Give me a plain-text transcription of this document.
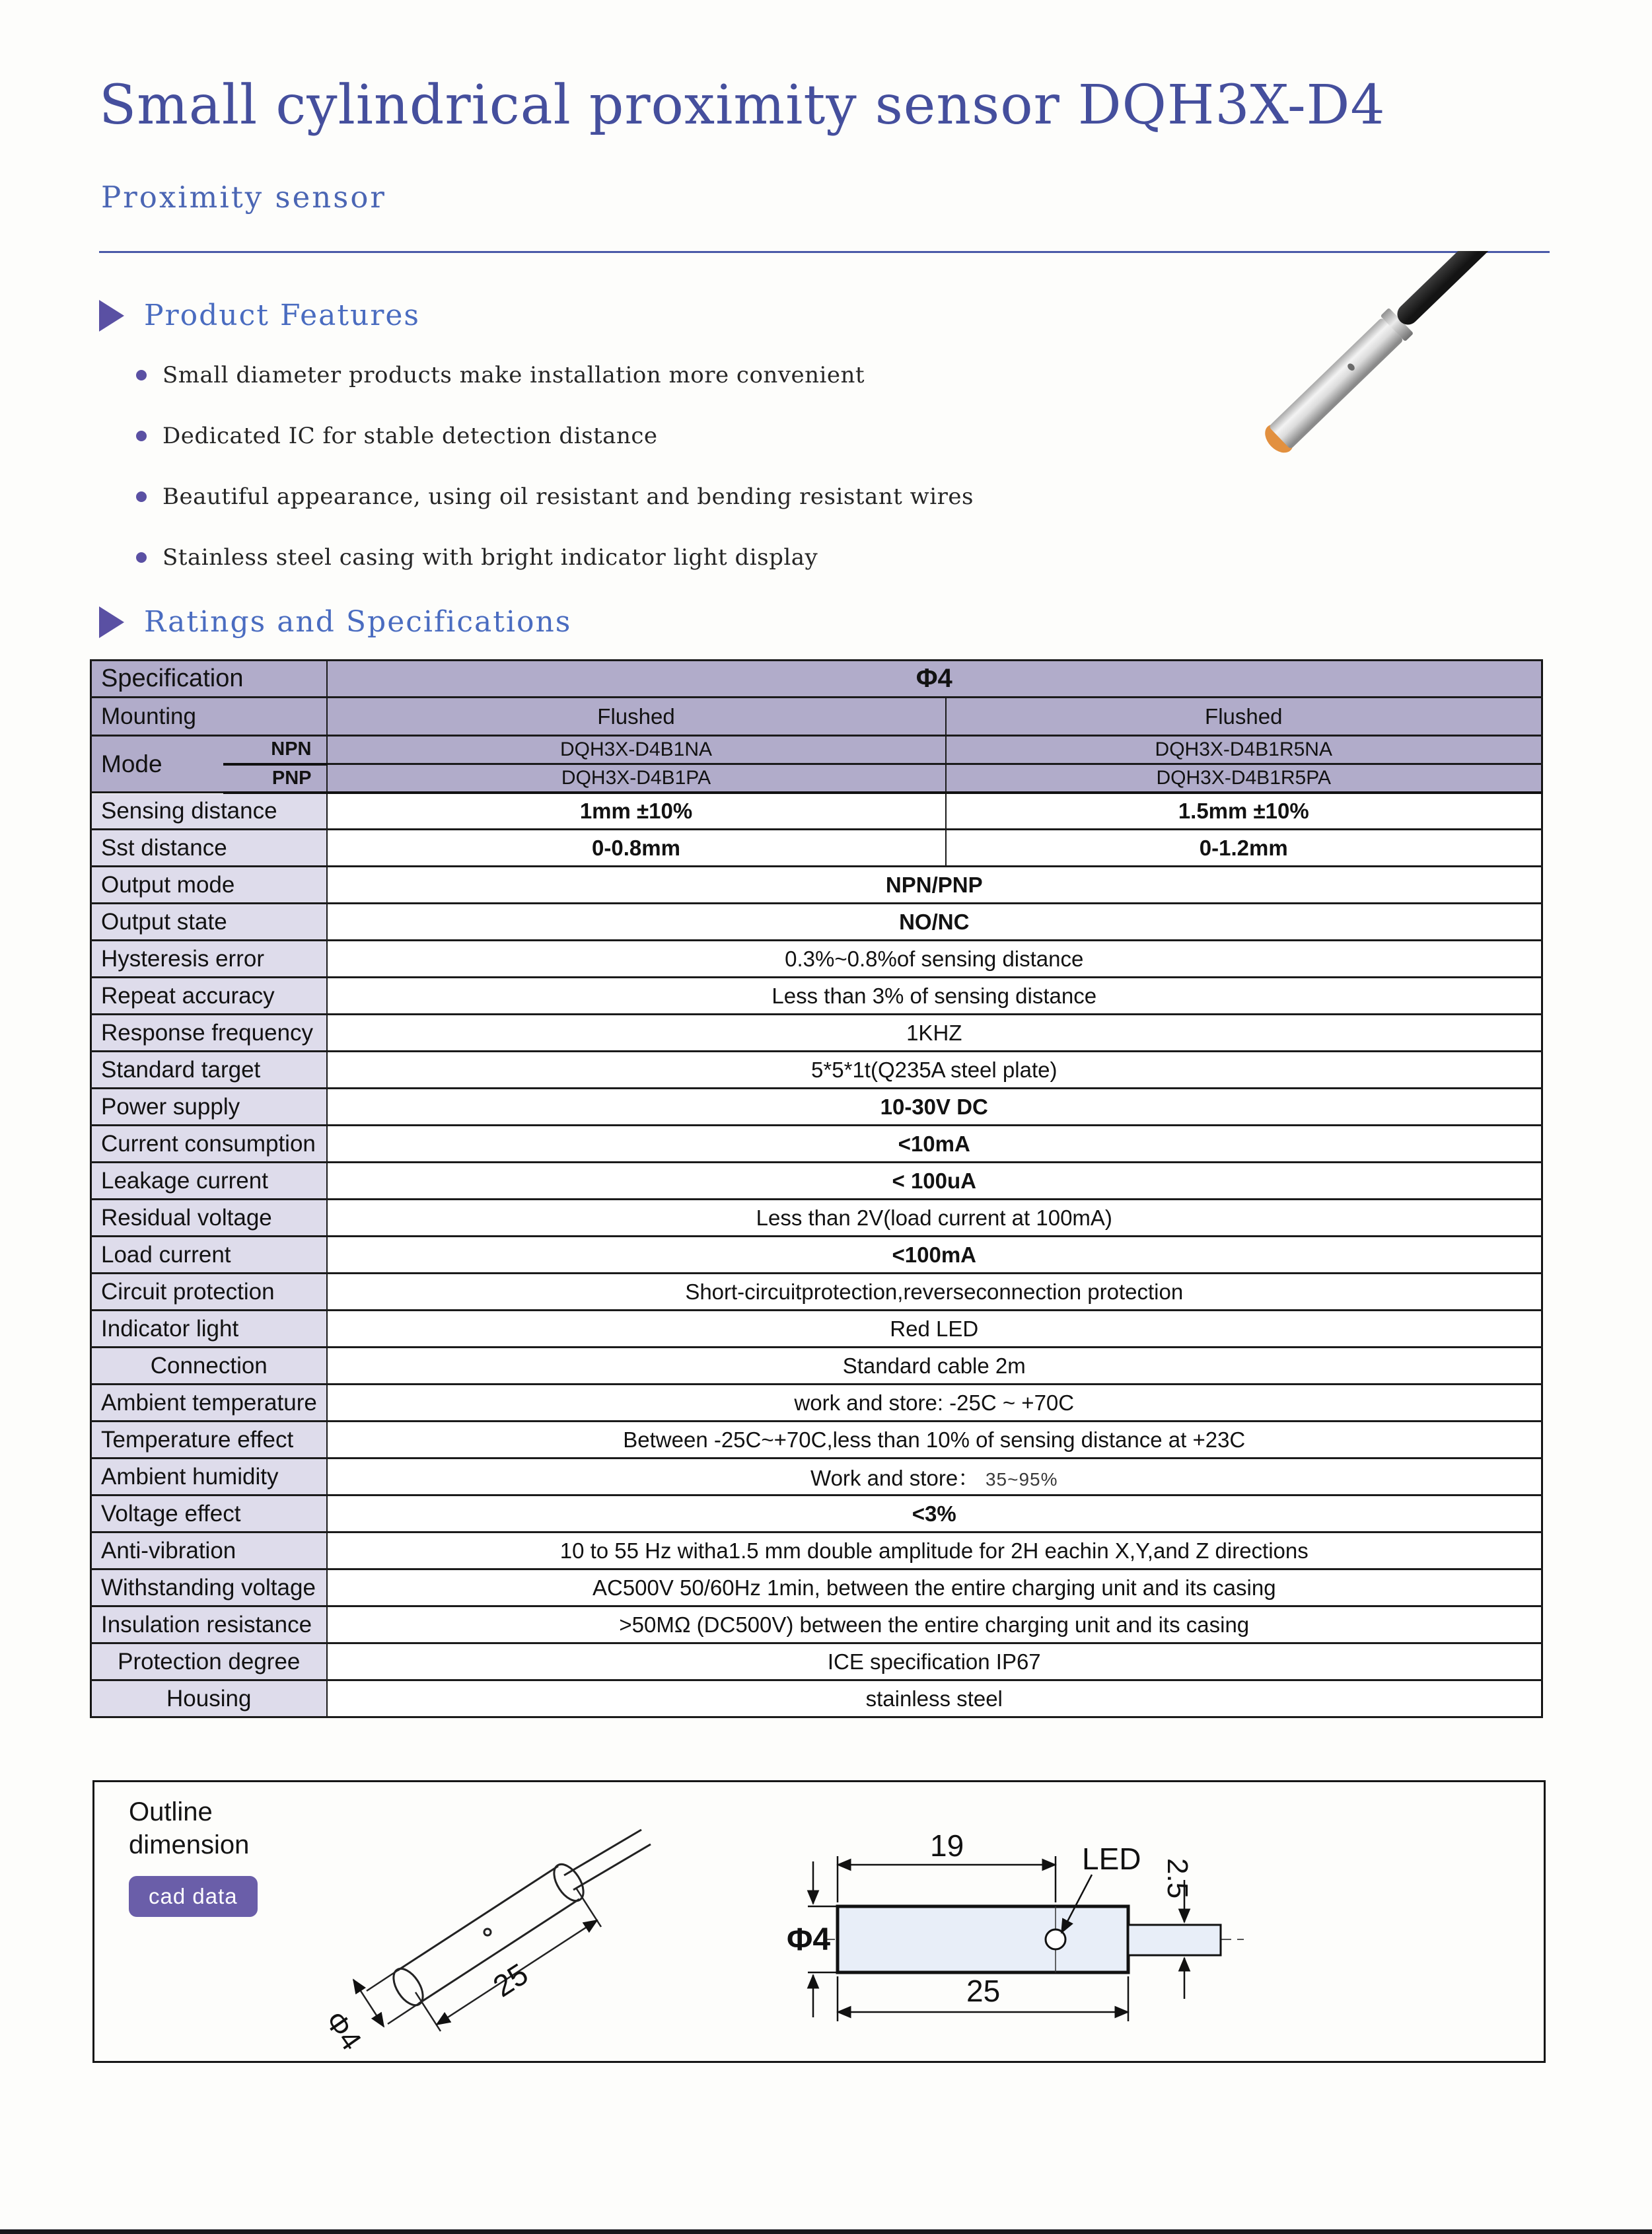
Small cylindrical proximity sensor DQH3X-D4
Proximity sensor
Product Features
Small diameter products make installation more convenient
Dedicated IC for stable detection distance
Beautiful appearance, using oil resistant and bending resistant wires
Stainless steel casing with bright indicator light display
Ratings and Specifications
Specification		Φ4	
Mounting		Flushed	Flushed
Mode	NPN	DQH3X-D4B1NA	DQH3X-D4B1R5NA
	PNP	DQH3X-D4B1PA	DQH3X-D4B1R5PA
Sensing distance		1mm ±10%	1.5mm ±10%
Sst distance		0-0.8mm	0-1.2mm
Output mode		NPN/PNP	
Output state		NO/NC	
Hysteresis error		0.3%~0.8%of sensing distance	
Repeat accuracy		Less than 3% of sensing distance	
Response frequency		1KHZ	
Standard target		5*5*1t(Q235A steel plate)	
Power supply		10-30V DC	
Current consumption		<10mA	
Leakage current		< 100uA	
Residual voltage		Less than 2V(load current at 100mA)	
Load current		<100mA	
Circuit protection		Short-circuitprotection,reverseconnection protection	
Indicator light		Red LED	
Connection		Standard cable 2m	
Ambient temperature		work and store: -25C ~ +70C	
Temperature effect		Between -25C~+70C,less than 10% of sensing distance at +23C	
Ambient humidity		Work and store： 35~95%	
Voltage effect		<3%	
Anti-vibration		10 to 55 Hz witha1.5 mm double amplitude for 2H eachin X,Y,and Z directions	
Withstanding voltage		AC500V 50/60Hz 1min, between the entire charging unit and its casing	
Insulation resistance		>50MΩ (DC500V) between the entire charging unit and its casing	
Protection degree		ICE specification IP67	
Housing		stainless steel	
Outline
dimension
cad data
Φ4
25
19	LED 2.5
Φ4
25
